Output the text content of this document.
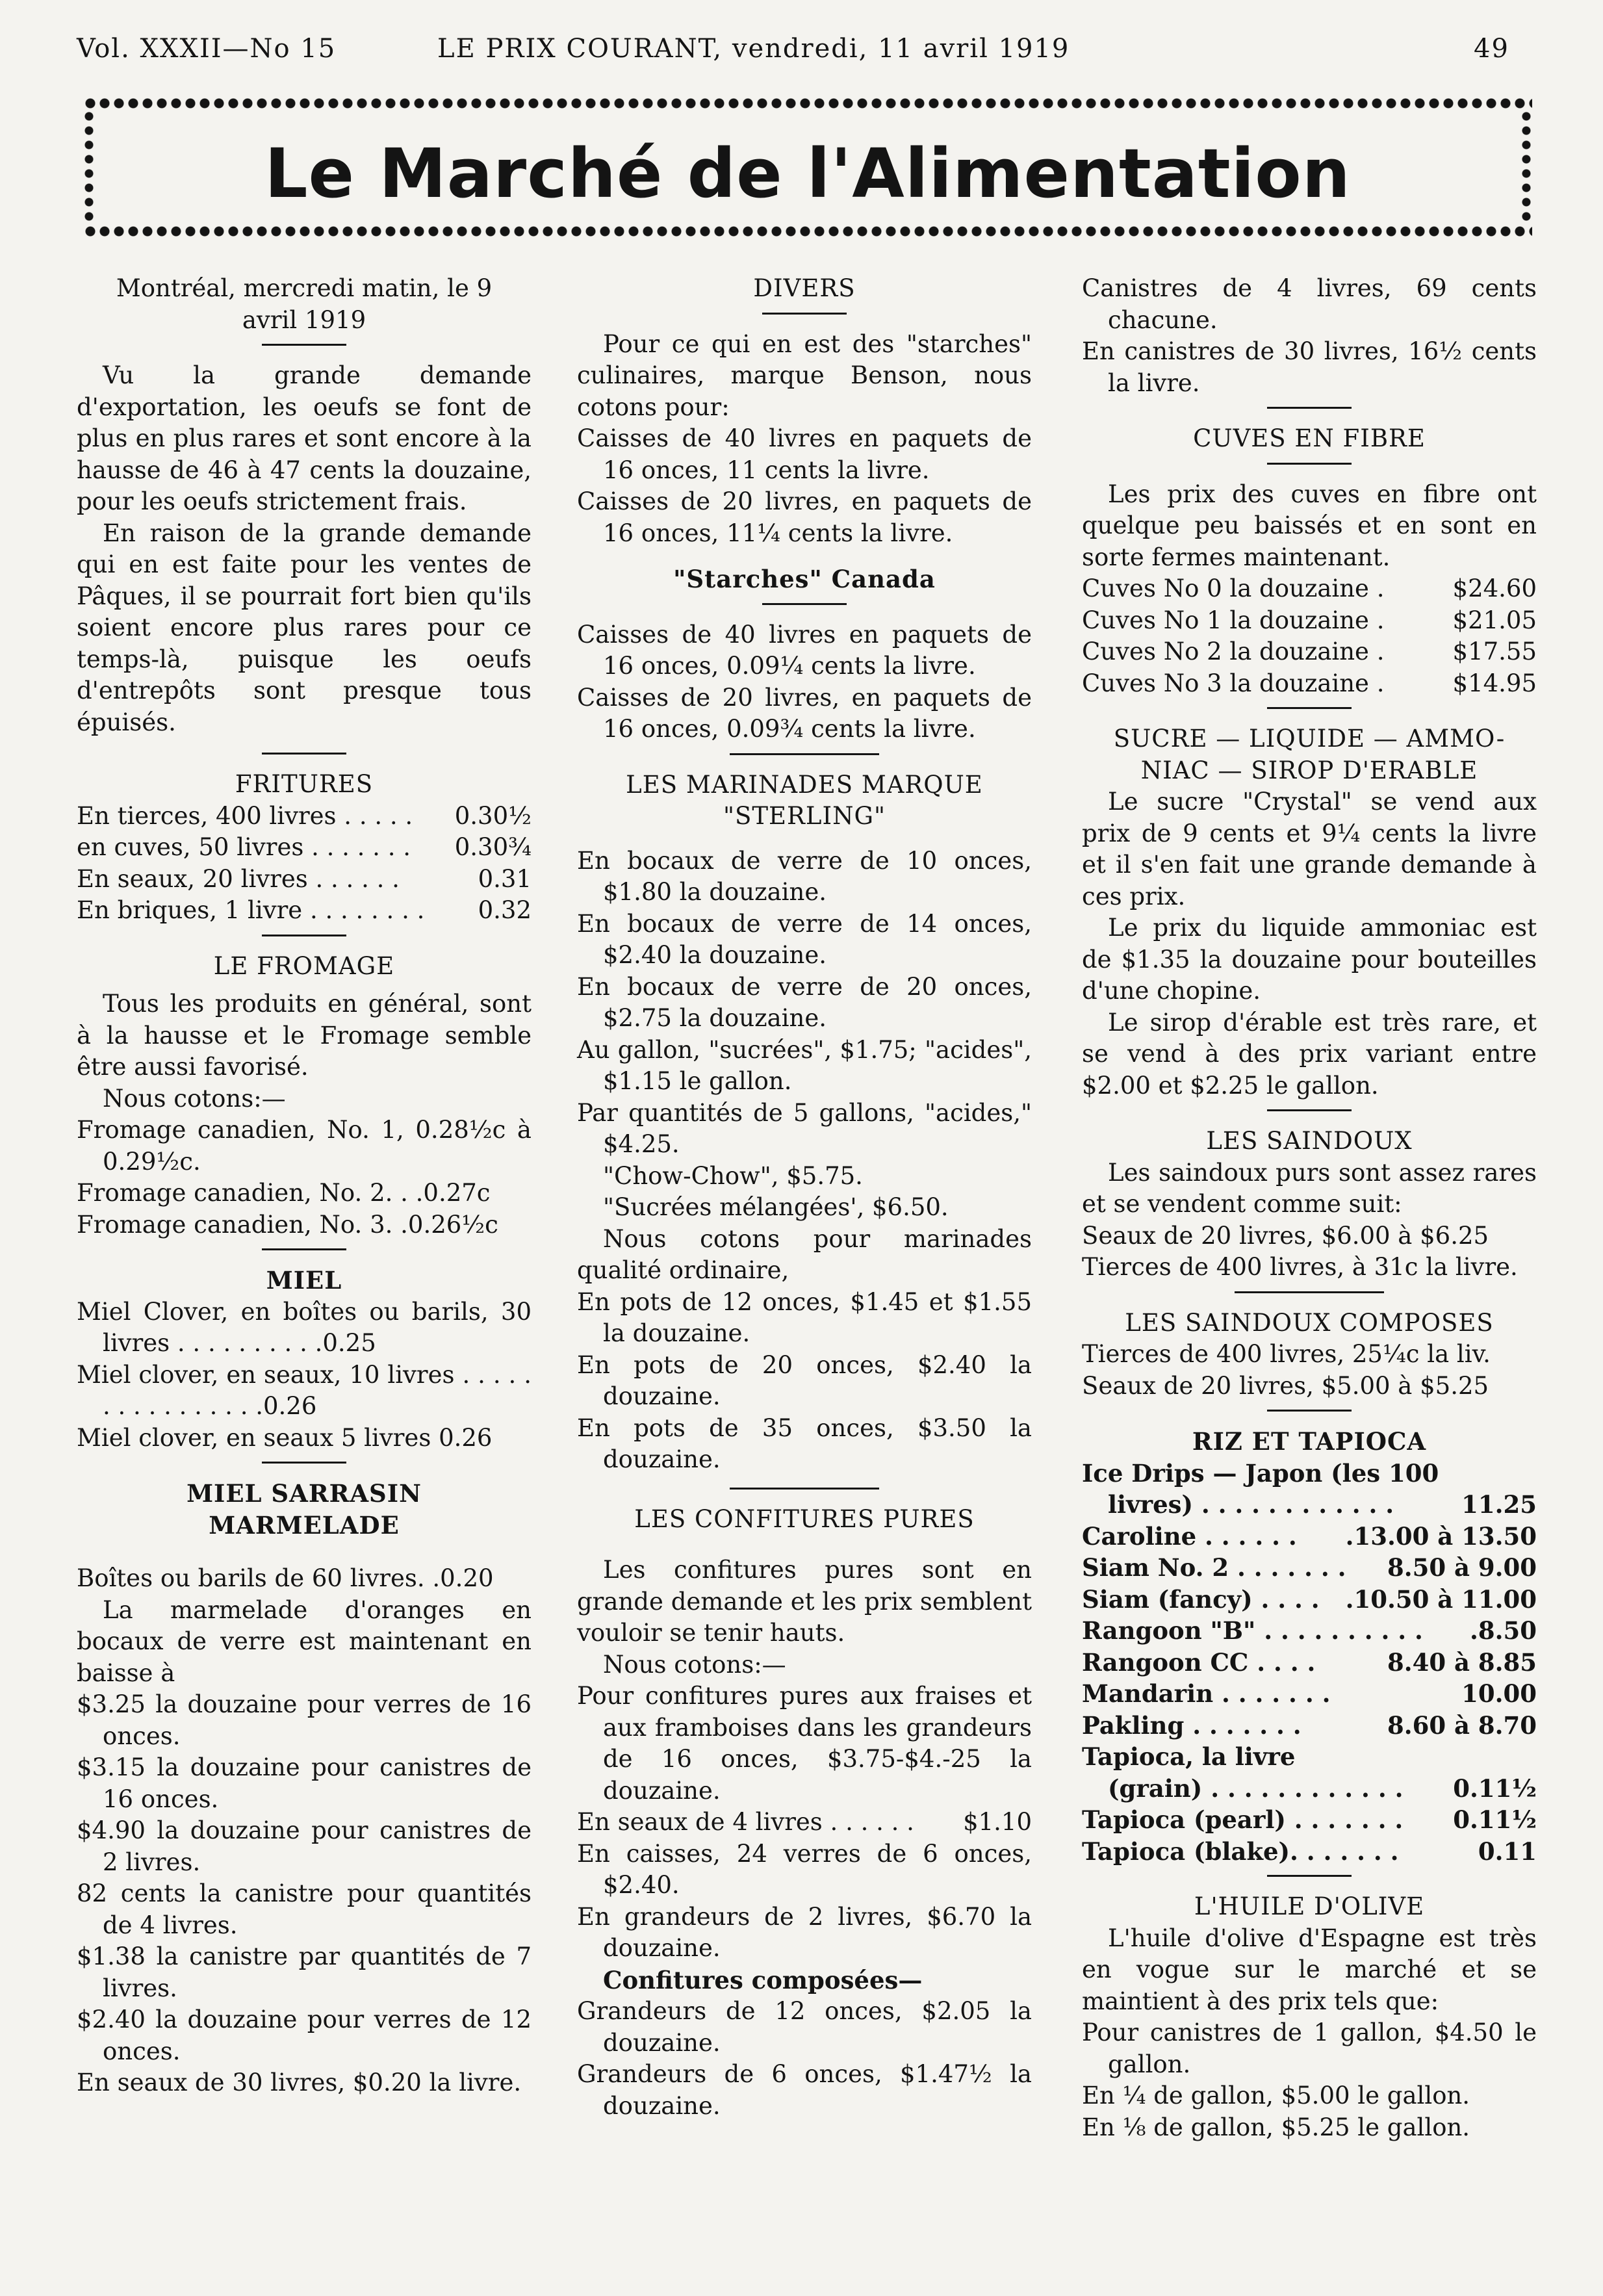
Vol. XXXII—No 15	LE PRIX COURANT, vendredi, 11 avril 1919	49
Le Marché de l'Alimentation

Montréal, mercredi matin, le 9 avril 1919

Vu la grande demande d'exportation, les oeufs se font de plus en plus rares et sont encore à la hausse de 46 à 47 cents la douzaine, pour les oeufs strictement frais.

En raison de la grande demande qui en est faite pour les ventes de Pâques, il se pourrait fort bien qu'ils soient encore plus rares pour ce temps-là, puisque les oeufs d'entrepôts sont presque tous épuisés.

FRITURES

En tierces, 400 livres . . . . . 0.30½

en cuves, 50 livres . . . . . . . 0.30¾

En seaux, 20 livres . . . . . .	0.31

En briques, 1 livre . . . . . . . . 0.32

LE FROMAGE

Tous les produits en général, sont à la hausse et le Fromage semble être aussi favorisé.

Nous cotons:—

Fromage canadien, No. 1, 0.28½c à 0.29½c.

Fromage canadien, No. 2. . .0.27c

Fromage canadien, No. 3. .0.26½c

MIEL

Miel Clover, en boîtes ou barils, 30 livres . . . . . . . . . .0.25

Miel clover, en seaux, 10 livres . . . . . . . . . . . . . . . .0.26

Miel clover, en seaux 5 livres 0.26

MIEL SARRASIN

MARMELADE

Boîtes ou barils de 60 livres. .0.20

La marmelade d'oranges en bocaux de verre est maintenant en baisse à

$3.25 la douzaine pour verres de 16 onces.

$3.15 la douzaine pour canistres de 16 onces.

$4.90 la douzaine pour canistres de 2 livres.

82 cents la canistre pour quantités de 4 livres.

$1.38 la canistre par quantités de 7 livres.

$2.40 la douzaine pour verres de 12 onces.

En seaux de 30 livres, $0.20 la livre.

DIVERS

Pour ce qui en est des "starches" culinaires, marque Benson, nous cotons pour:

Caisses de 40 livres en paquets de 16 onces, 11 cents la livre.

Caisses de 20 livres, en paquets de 16 onces, 11¼ cents la livre.

"Starches" Canada

Caisses de 40 livres en paquets de 16 onces, 0.09¼ cents la livre.

Caisses de 20 livres, en paquets de 16 onces, 0.09¾ cents la livre.

LES MARINADES MARQUE

"STERLING"

En bocaux de verre de 10 onces, $1.80 la douzaine.

En bocaux de verre de 14 onces, $2.40 la douzaine.

En bocaux de verre de 20 onces, $2.75 la douzaine.

Au gallon, "sucrées", $1.75; "acides", $1.15 le gallon.

Par quantités de 5 gallons, "acides," $4.25.

"Chow-Chow", $5.75.

"Sucrées mélangées', $6.50.

Nous cotons pour marinades qualité ordinaire,

En pots de 12 onces, $1.45 et $1.55 la douzaine.

En pots de 20 onces, $2.40 la douzaine.

En pots de 35 onces, $3.50 la douzaine.

LES CONFITURES PURES

Les confitures pures sont en grande demande et les prix semblent vouloir se tenir hauts.

Nous cotons:—

Pour confitures pures aux fraises et aux framboises dans les grandeurs de 16 onces, $3.75-$4.-25 la douzaine.

En seaux de 4 livres . . . . . . $1.10

En caisses, 24 verres de 6 onces, $2.40.

En grandeurs de 2 livres, $6.70 la douzaine.

Confitures composées—

Grandeurs de 12 onces, $2.05 la douzaine.

Grandeurs de 6 onces, $1.47½ la douzaine.

Canistres de 4 livres, 69 cents chacune.

En canistres de 30 livres, 16½ cents la livre.

CUVES EN FIBRE

Les prix des cuves en fibre ont quelque peu baissés et en sont en sorte fermes maintenant.

Cuves No 0 la douzaine .	$24.60

Cuves No 1 la douzaine .	$21.05

Cuves No 2 la douzaine .	$17.55

Cuves No 3 la douzaine .	$14.95

SUCRE — LIQUIDE — AMMO-

NIAC — SIROP D'ERABLE

Le sucre "Crystal" se vend aux prix de 9 cents et 9¼ cents la livre et il s'en fait une grande demande à ces prix.

Le prix du liquide ammoniac est de $1.35 la douzaine pour bouteilles d'une chopine.

Le sirop d'érable est très rare, et se vend à des prix variant entre $2.00 et $2.25 le gallon.

LES SAINDOUX

Les saindoux purs sont assez rares et se vendent comme suit:

Seaux de 20 livres, $6.00 à $6.25

Tierces de 400 livres, à 31c la livre.

LES SAINDOUX COMPOSES

Tierces de 400 livres, 25¼c la liv.

Seaux de 20 livres, $5.00 à $5.25

RIZ ET TAPIOCA

Ice Drips — Japon (les 100

livres) . . . . . . . . . . . .	11.25

Caroline . . . . . . .13.00 à 13.50

Siam No. 2 . . . . . . . 8.50 à 9.00

Siam (fancy) . . . . .10.50 à 11.00

Rangoon "B" . . . . . . . . . . .8.50

Rangoon CC . . . .	8.40 à 8.85

Mandarin . . . . . . .	10.00

Pakling . . . . . . .	8.60 à 8.70

Tapioca, la livre

(grain) . . . . . . . . . . . . 0.11½

Tapioca (pearl) . . . . . . . 0.11½

Tapioca (blake). . . . . . .	0.11

L'HUILE D'OLIVE

L'huile d'olive d'Espagne est très en vogue sur le marché et se maintient à des prix tels que:

Pour canistres de 1 gallon, $4.50 le gallon.

En ¼ de gallon, $5.00 le gallon.

En ⅛ de gallon, $5.25 le gallon.
